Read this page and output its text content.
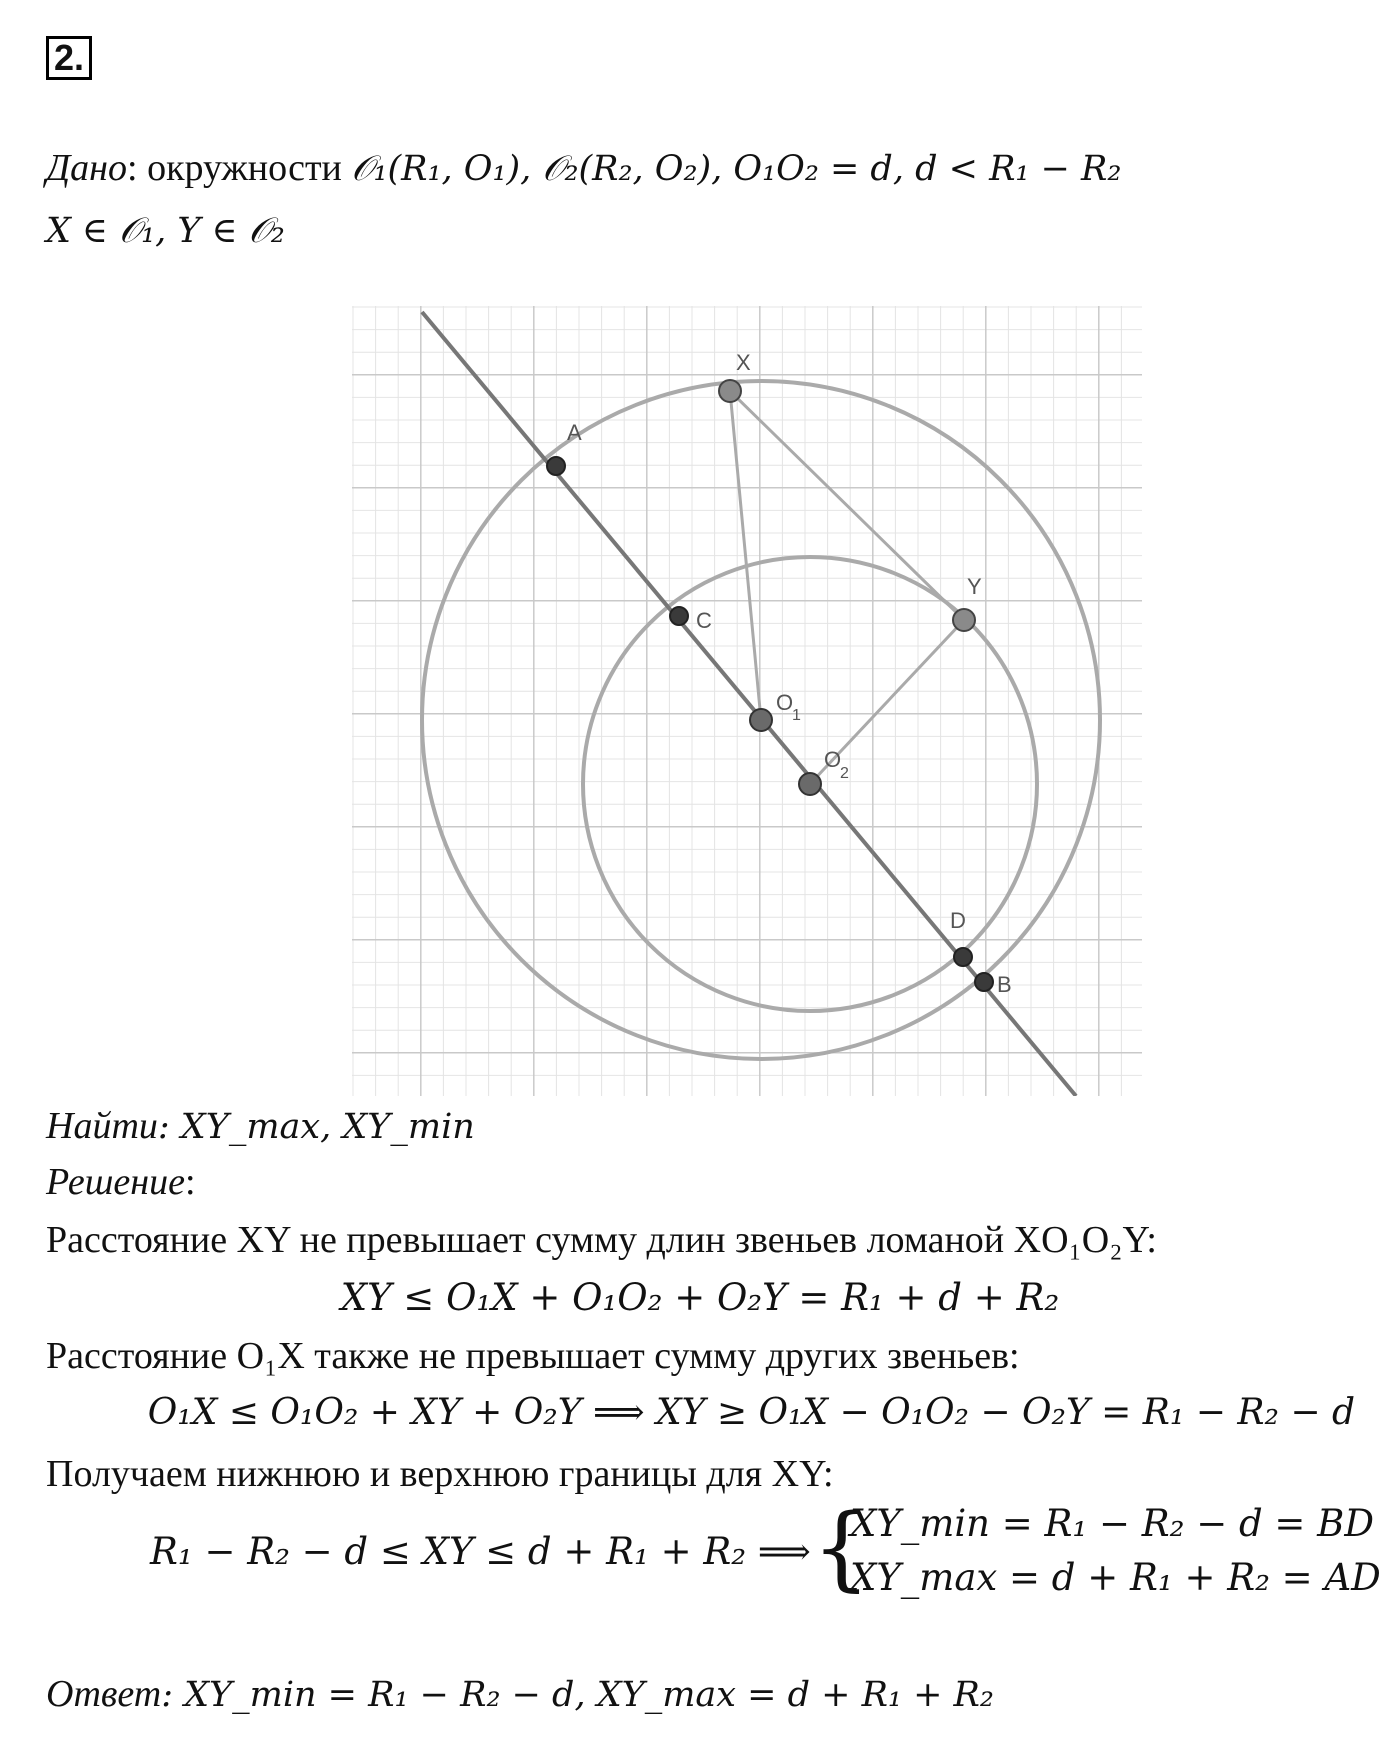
2.
Дано: окружности 𝒪₁(R₁, O₁), 𝒪₂(R₂, O₂), O₁O₂ = d, d < R₁ − R₂
X ∈ 𝒪₁, Y ∈ 𝒪₂
X
A
C
Y
O
1
O
2
D
B
Найти: XY_max, XY_min
Решение:
Расстояние XY не превышает сумму длин звеньев ломаной XO₁O₂Y:
XY ≤ O₁X + O₁O₂ + O₂Y = R₁ + d + R₂
Расстояние O₁X также не превышает сумму других звеньев:
O₁X ≤ O₁O₂ + XY + O₂Y ⟹ XY ≥ O₁X − O₁O₂ − O₂Y = R₁ − R₂ − d
Получаем нижнюю и верхнюю границы для XY:
R₁ − R₂ − d ≤ XY ≤ d + R₁ + R₂ ⟹ {
XY_min = R₁ − R₂ − d = BD
XY_max = d + R₁ + R₂ = AD
Ответ: XY_min = R₁ − R₂ − d, XY_max = d + R₁ + R₂
